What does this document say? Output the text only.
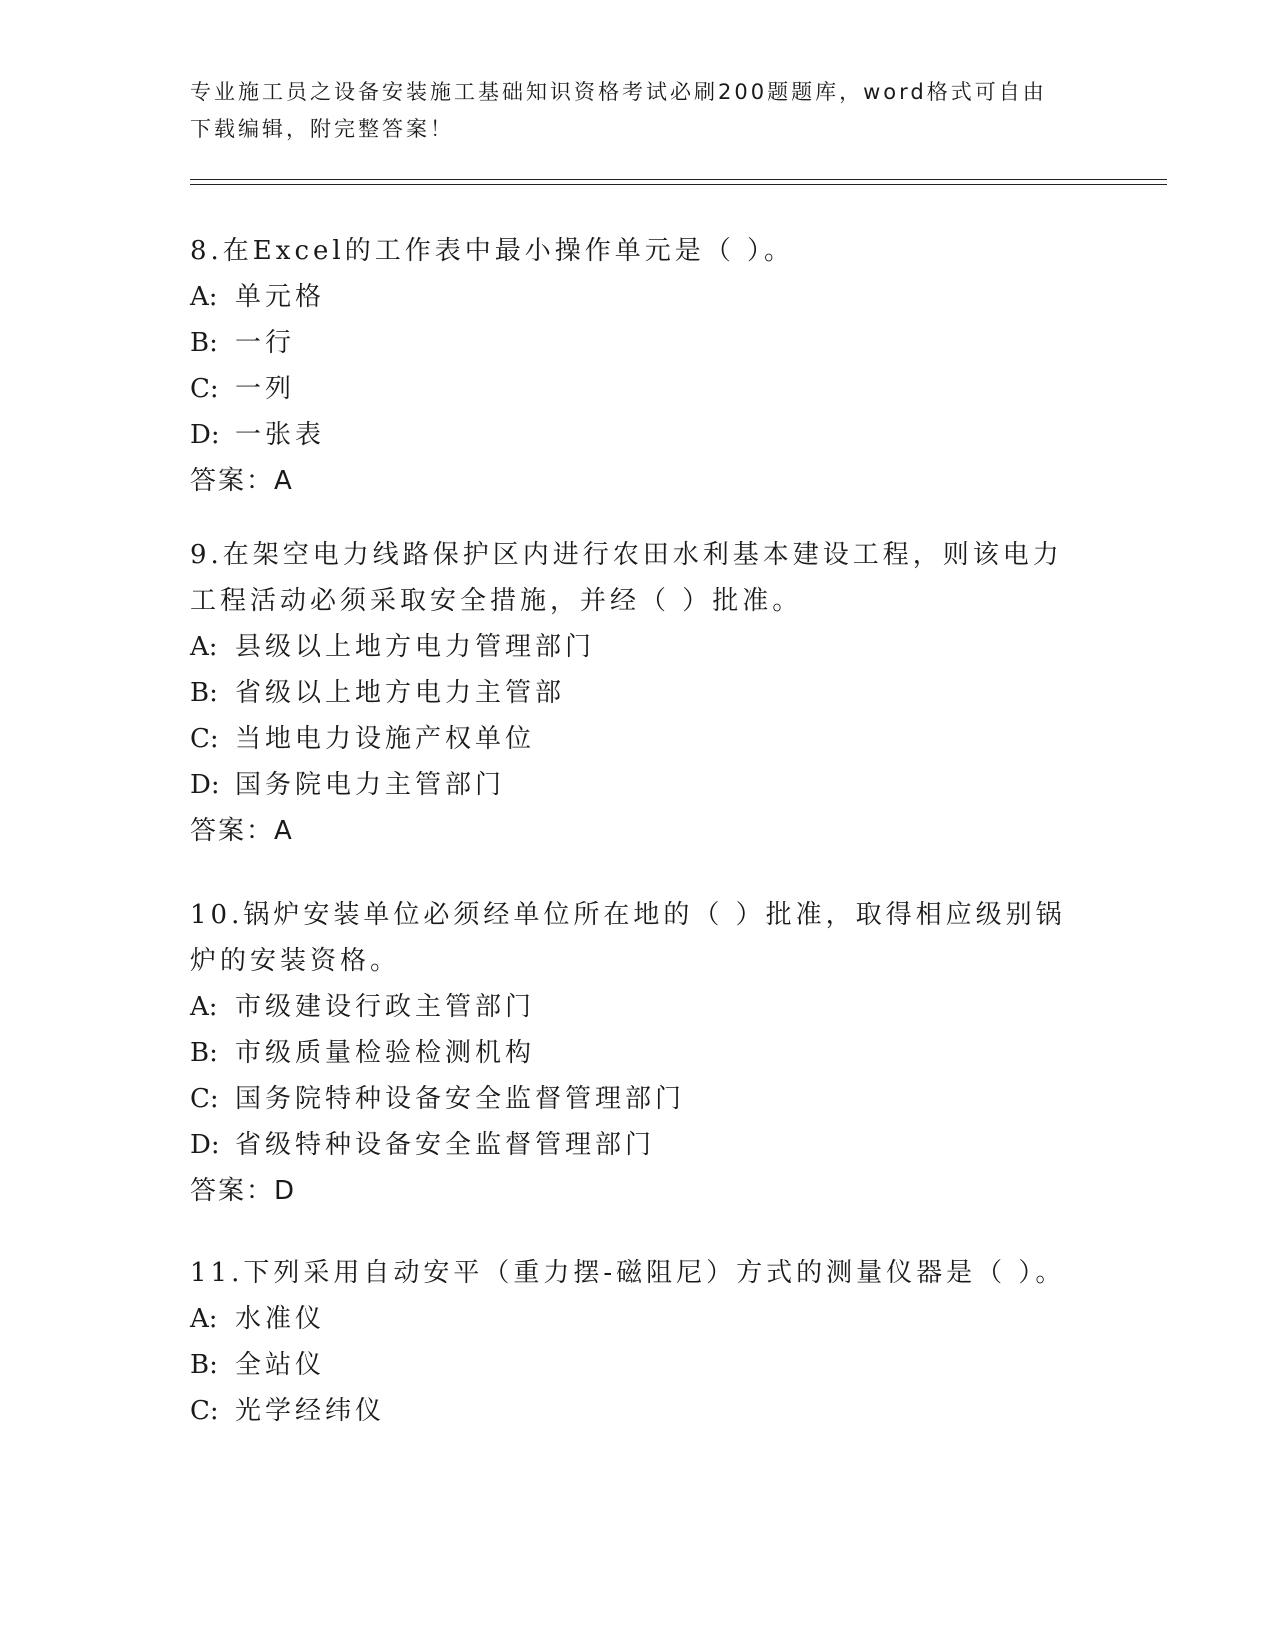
专业施工员之设备安装施工基础知识资格考试必刷200题题库，word格式可自由
下载编辑，附完整答案！

8.在Excel的工作表中最小操作单元是（ ）。

A: 单元格

B: 一行

C: 一列

D: 一张表

答案：A

9.在架空电力线路保护区内进行农田水利基本建设工程，则该电力工程活动必须采取安全措施，并经（ ）批准。

A: 县级以上地方电力管理部门

B: 省级以上地方电力主管部

C: 当地电力设施产权单位

D: 国务院电力主管部门

答案：A

10.锅炉安装单位必须经单位所在地的（ ）批准，取得相应级别锅炉的安装资格。

A: 市级建设行政主管部门

B: 市级质量检验检测机构

C: 国务院特种设备安全监督管理部门

D: 省级特种设备安全监督管理部门

答案：D

11.下列采用自动安平（重力摆-磁阻尼）方式的测量仪器是（ ）。

A: 水准仪

B: 全站仪

C: 光学经纬仪
